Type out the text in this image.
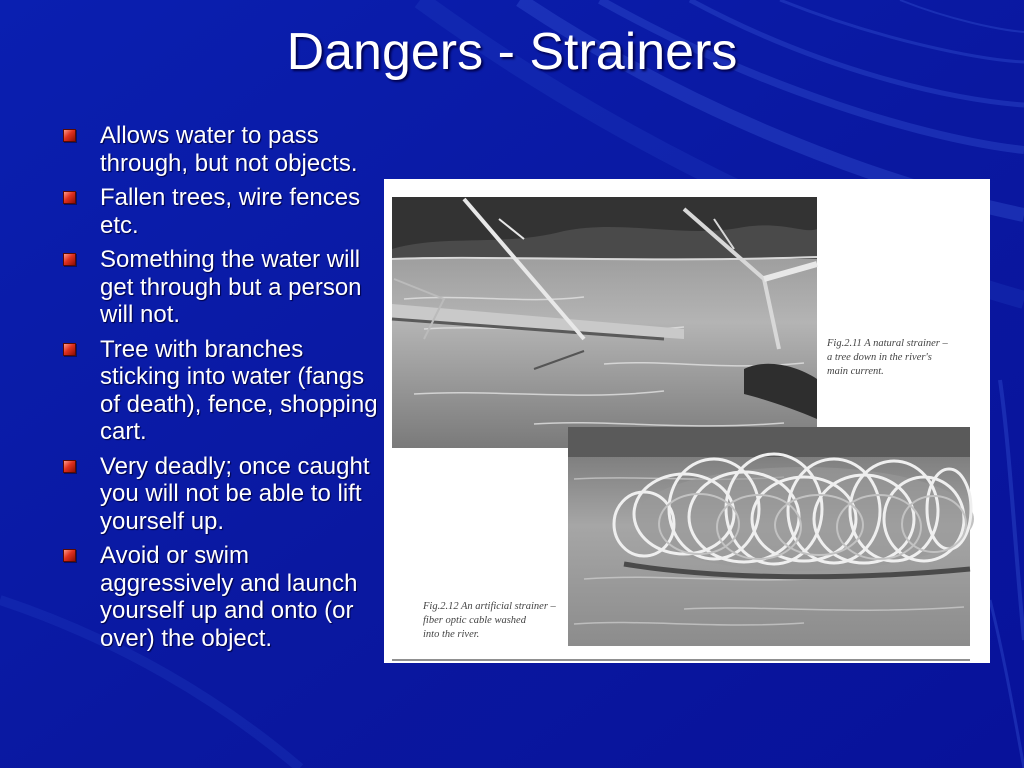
Dangers - Strainers
Allows water to pass through, but not objects.
Fallen trees, wire fences etc.
Something the water will get through but a person will not.
Tree with branches sticking into water (fangs of death), fence, shopping cart.
Very deadly; once caught you will not be able to lift yourself up.
Avoid or swim aggressively and launch yourself up and onto (or over) the object.

Fig.2.11 A natural strainer –
a tree down in the river's
main current.

Fig.2.12 An artificial strainer –
fiber optic cable washed
into the river.
